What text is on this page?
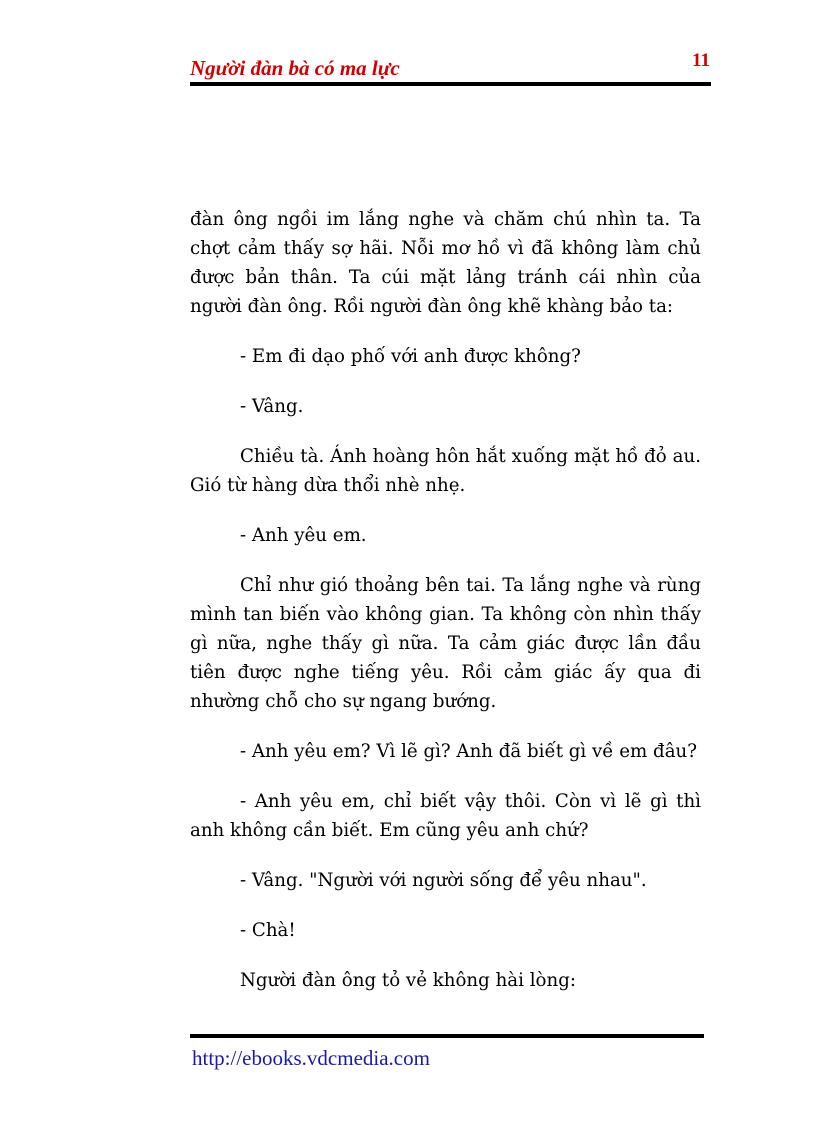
Người đàn bà có ma lực	11

đàn ông ngồi im lắng nghe và chăm chú nhìn ta. Ta chợt cảm thấy sợ hãi. Nỗi mơ hồ vì đã không làm chủ được bản thân. Ta cúi mặt lảng tránh cái nhìn của người đàn ông. Rồi người đàn ông khẽ khàng bảo ta:

- Em đi dạo phố với anh được không?

- Vâng.

Chiều tà. Ánh hoàng hôn hắt xuống mặt hồ đỏ au. Gió từ hàng dừa thổi nhè nhẹ.

- Anh yêu em.

Chỉ như gió thoảng bên tai. Ta lắng nghe và rùng mình tan biến vào không gian. Ta không còn nhìn thấy gì nữa, nghe thấy gì nữa. Ta cảm giác được lần đầu tiên được nghe tiếng yêu. Rồi cảm giác ấy qua đi nhường chỗ cho sự ngang bướng.

- Anh yêu em? Vì lẽ gì? Anh đã biết gì về em đâu?

- Anh yêu em, chỉ biết vậy thôi. Còn vì lẽ gì thì anh không cần biết. Em cũng yêu anh chứ?

- Vâng. "Người với người sống để yêu nhau".

- Chà!

Người đàn ông tỏ vẻ không hài lòng:

http://ebooks.vdcmedia.com
